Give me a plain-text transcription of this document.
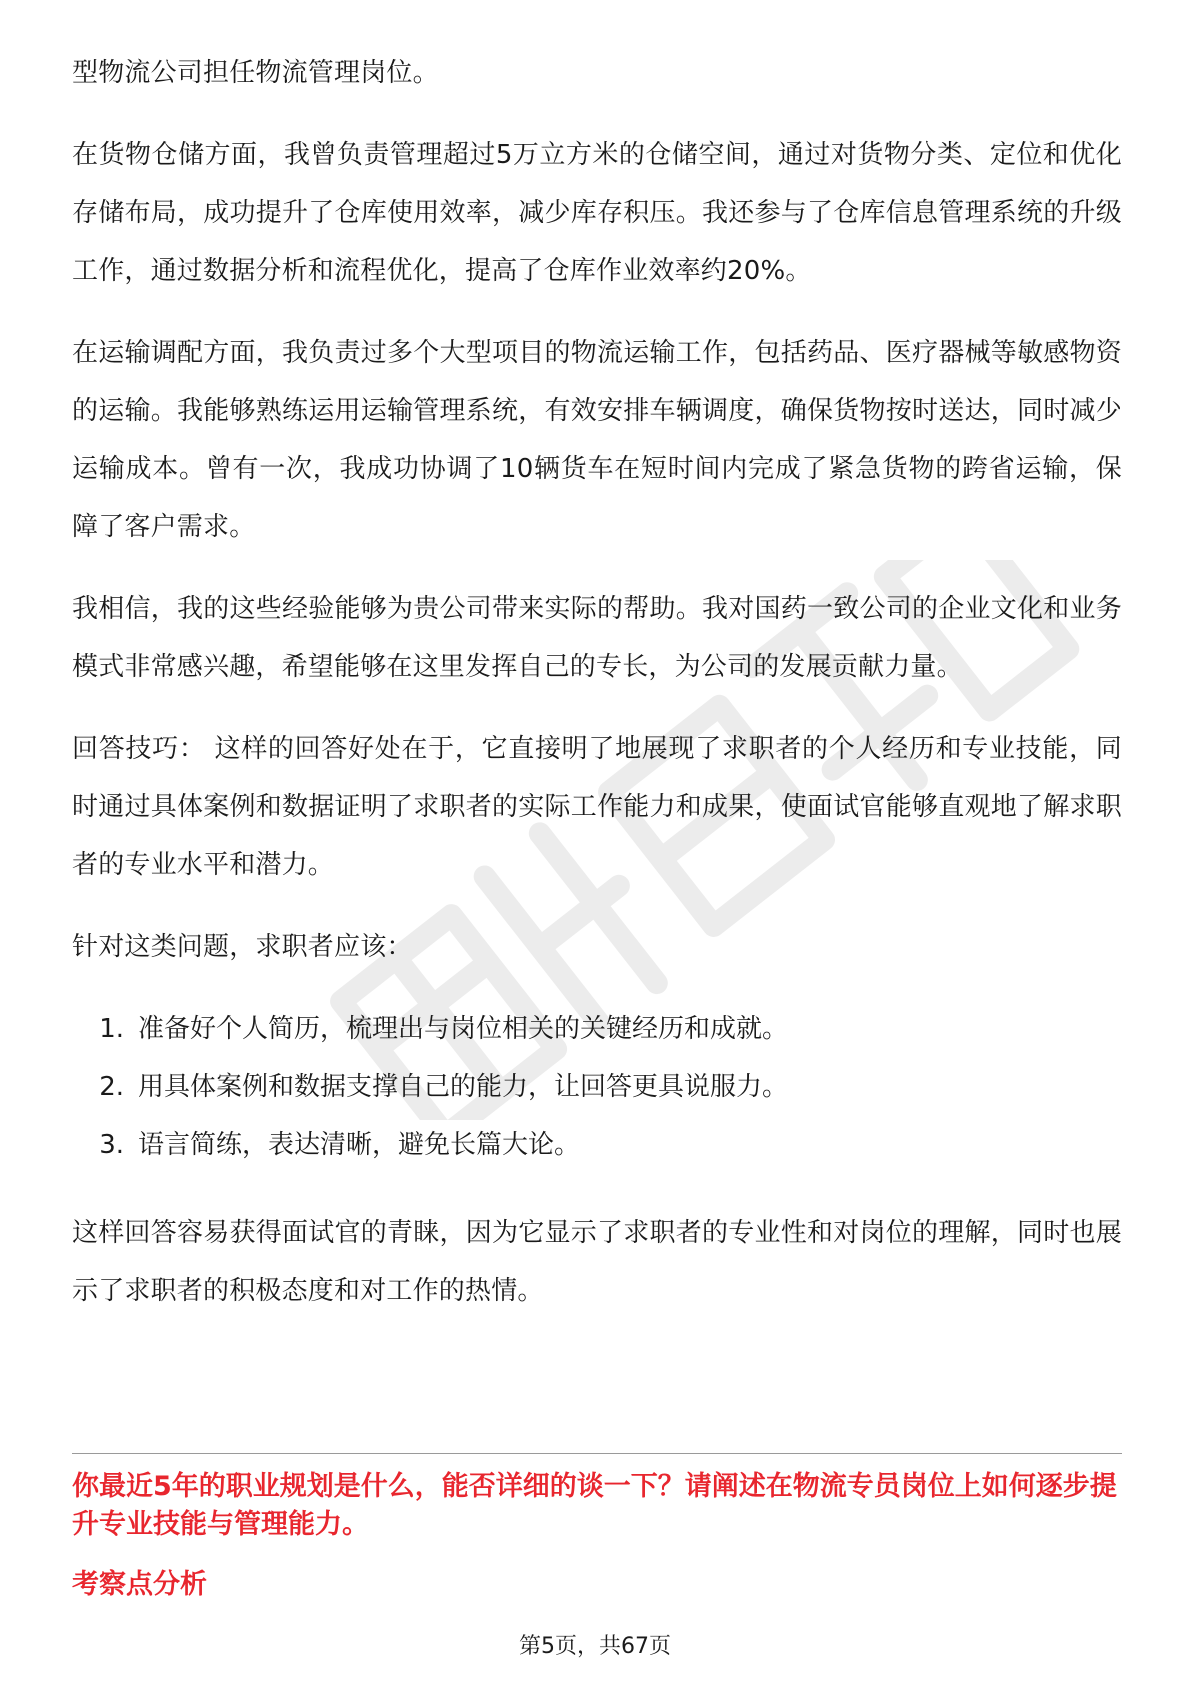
型物流公司担任物流管理岗位。

在货物仓储方面，我曾负责管理超过5万立方米的仓储空间，通过对货物分类、定位和优化存储布局，成功提升了仓库使用效率，减少库存积压。我还参与了仓库信息管理系统的升级工作，通过数据分析和流程优化，提高了仓库作业效率约20%。

在运输调配方面，我负责过多个大型项目的物流运输工作，包括药品、医疗器械等敏感物资的运输。我能够熟练运用运输管理系统，有效安排车辆调度，确保货物按时送达，同时减少运输成本。曾有一次，我成功协调了10辆货车在短时间内完成了紧急货物的跨省运输，保障了客户需求。

我相信，我的这些经验能够为贵公司带来实际的帮助。我对国药一致公司的企业文化和业务模式非常感兴趣，希望能够在这里发挥自己的专长，为公司的发展贡献力量。

回答技巧： 这样的回答好处在于，它直接明了地展现了求职者的个人经历和专业技能，同时通过具体案例和数据证明了求职者的实际工作能力和成果，使面试官能够直观地了解求职者的专业水平和潜力。

针对这类问题，求职者应该：

1. 准备好个人简历，梳理出与岗位相关的关键经历和成就。
2. 用具体案例和数据支撑自己的能力，让回答更具说服力。
3. 语言简练，表达清晰，避免长篇大论。

这样回答容易获得面试官的青睐，因为它显示了求职者的专业性和对岗位的理解，同时也展示了求职者的积极态度和对工作的热情。

你最近5年的职业规划是什么，能否详细的谈一下？请阐述在物流专员岗位上如何逐步提升专业技能与管理能力。
考察点分析
第5页，共67页
